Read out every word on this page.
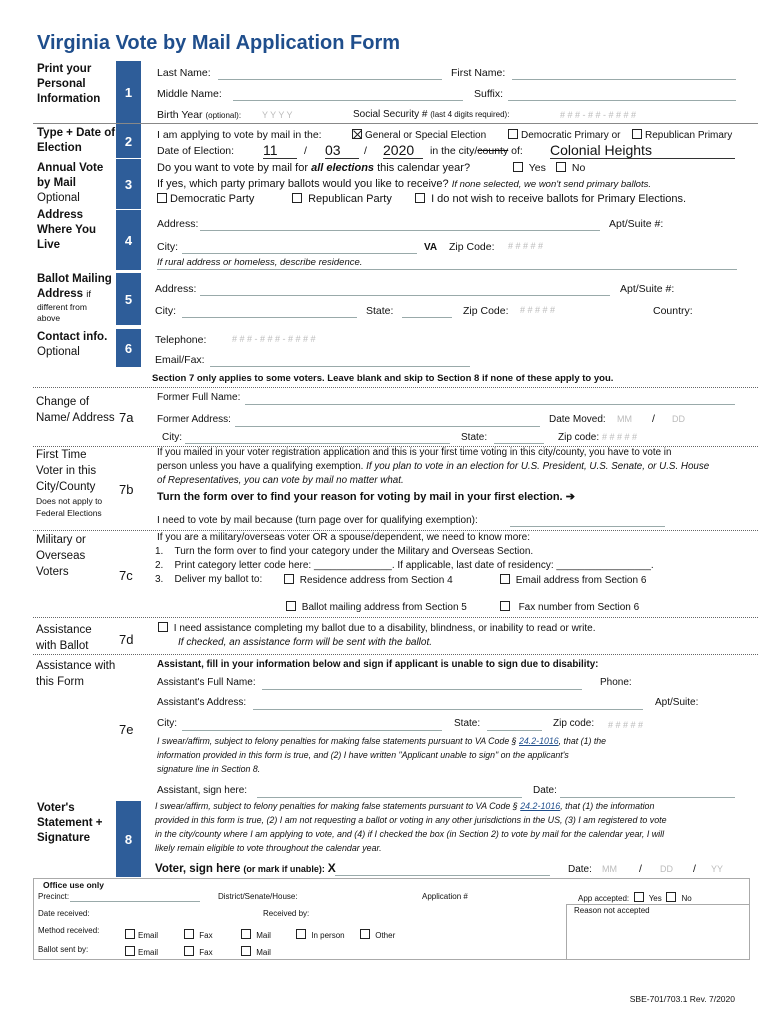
Virginia Vote by Mail Application Form
1
Print your
Personal
Information
Last Name:	First Name:
Middle Name:	Suffix:
Birth Year (optional): Y Y Y Y	Social Security # (last 4 digits required):	# # # - # # - # # # #
2
Type + Date of
Election
I am applying to vote by mail in the:	General or Special Election	Democratic Primary or	Republican Primary
Date of Election: 11	/ 03	/ 2020	in the city/county of: Colonial Heights
3
Annual Vote
by Mail
Optional
Do you want to vote by mail for all elections this calendar year?	Yes	No
If yes, which party primary ballots would you like to receive? If none selected, we won't send primary ballots.
Democratic Party	Republican Party	I do not wish to receive ballots for Primary Elections.
4
Address
Where You
Live
Address:	Apt/Suite #:
City:	VA Zip Code: # # # # #
If rural address or homeless, describe residence.
5
Ballot Mailing
Address if
different from
above
Address:	Apt/Suite #:
City:	State:	Zip Code: # # # # #	Country:
6
Contact info.
Optional
Telephone:	# # # - # # # - # # # #
Email/Fax:
Section 7 only applies to some voters. Leave blank and skip to Section 8 if none of these apply to you.
Change of Name/ Address 7a
Former Full Name:
Former Address:	Date Moved: MM / DD
City:	State:	Zip code: # # # # #
First Time Voter in this City/County
Does not apply to Federal Elections
7b
If you mailed in your voter registration application and this is your first time voting in this city/county, you have to vote in
person unless you have a qualifying exemption. If you plan to vote in an election for U.S. President, U.S. Senate, or U.S. House
of Representatives, you can vote by mail no matter what.
Turn the form over to find your reason for voting by mail in your first election. ➔
I need to vote by mail because (turn page over for qualifying exemption):
Military or Overseas Voters	7c
If you are a military/overseas voter OR a spouse/dependent, we need to know more:
1. Turn the form over to find your category under the Military and Overseas Section.
2. Print category letter code here: ______________. If applicable, last date of residency: _________________.
3. Deliver my ballot to:	Residence address from Section 4	Email address from Section 6
Ballot mailing address from Section 5	Fax number from Section 6
Assistance with Ballot	7d
I need assistance completing my ballot due to a disability, blindness, or inability to read or write.
If checked, an assistance form will be sent with the ballot.
Assistance with this Form
7e
Assistant, fill in your information below and sign if applicant is unable to sign due to disability:
Assistant's Full Name:	Phone:
Assistant's Address:	Apt/Suite:
City:	State:	Zip code: # # # # #
I swear/affirm, subject to felony penalties for making false statements pursuant to VA Code § 24.2-1016, that (1) the
information provided in this form is true, and (2) I have written "Applicant unable to sign" on the applicant's
signature line in Section 8.
Assistant, sign here:	Date:
8
Voter's
Statement +
Signature
I swear/affirm, subject to felony penalties for making false statements pursuant to VA Code § 24.2-1016, that (1) the information
provided in this form is true, (2) I am not requesting a ballot or voting in any other jurisdictions in the US, (3) I am registered to vote
in the city/county where I am applying to vote, and (4) if I checked the box (in Section 2) to vote by mail for the calendar year, I will
likely remain eligible to vote throughout the calendar year.
Voter, sign here (or mark if unable): X	Date: MM / DD / YY
Office use only
Precinct:	District/Senate/House:	Application #	App accepted: Yes No
Date received:	Received by:	Reason not accepted
Method received:
Email	Fax	Mail	In person	Other
Ballot sent by:	Email	Fax	Mail
SBE-701/703.1 Rev. 7/2020
